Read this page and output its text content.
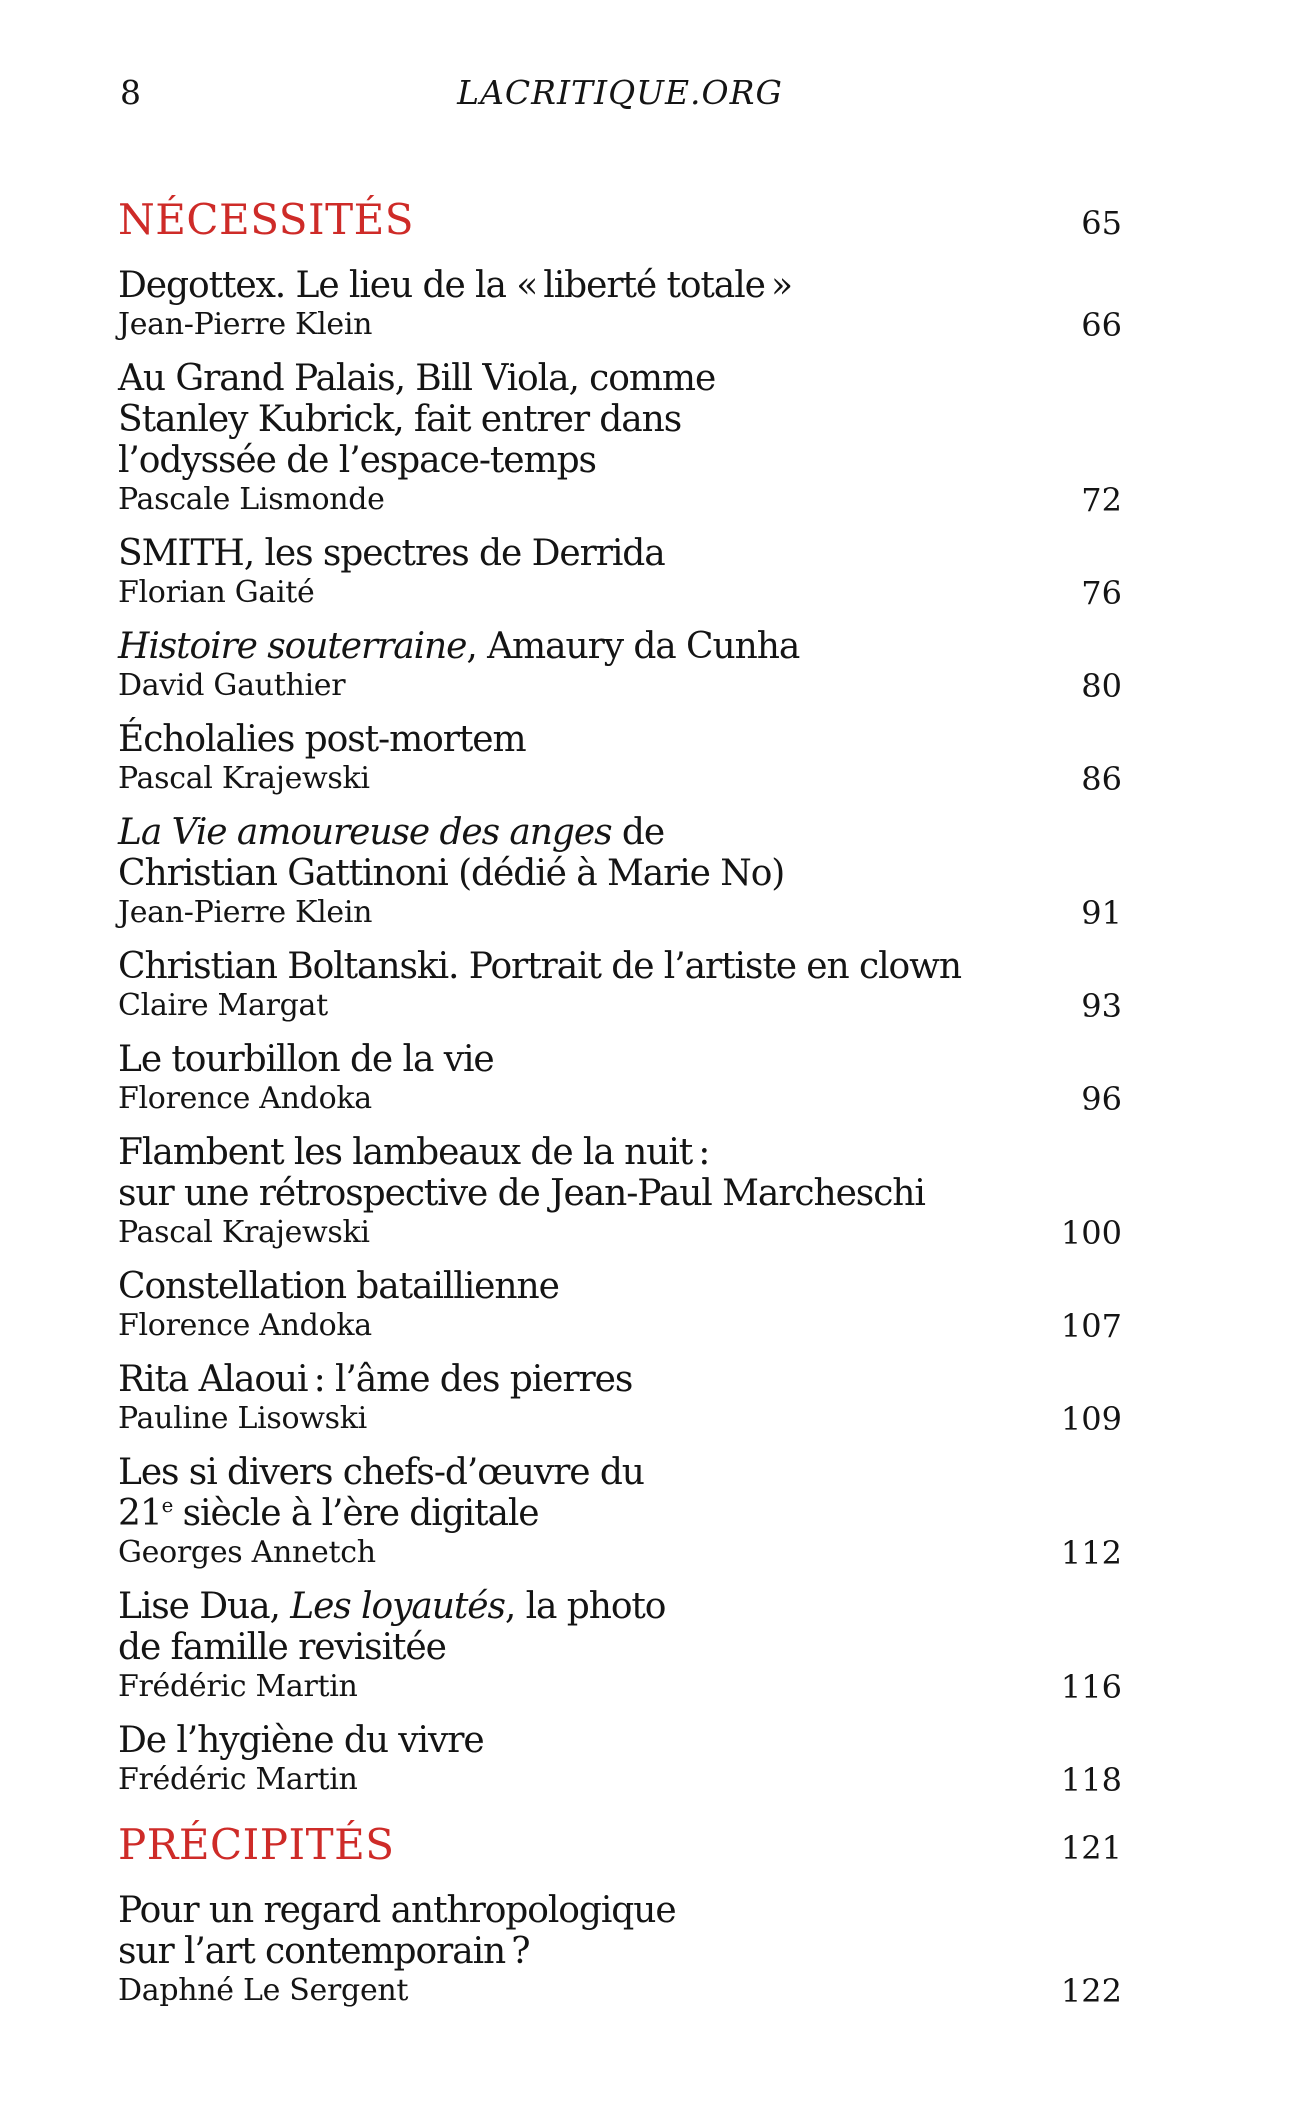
8	LACRITIQUE.ORG
NÉCESSITÉS	65
Degottex. Le lieu de la « liberté totale »
Jean-Pierre Klein	66
Au Grand Palais, Bill Viola, comme
Stanley Kubrick, fait entrer dans
l’odyssée de l’espace-temps
Pascale Lismonde	72
SMITH, les spectres de Derrida
Florian Gaité	76
Histoire souterraine, Amaury da Cunha
David Gauthier	80
Écholalies post-mortem
Pascal Krajewski	86
La Vie amoureuse des anges de
Christian Gattinoni (dédié à Marie No)
Jean-Pierre Klein	91
Christian Boltanski. Portrait de l’artiste en clown
Claire Margat	93
Le tourbillon de la vie
Florence Andoka	96
Flambent les lambeaux de la nuit :
sur une rétrospective de Jean-Paul Marcheschi
Pascal Krajewski	100
Constellation bataillienne
Florence Andoka	107
Rita Alaoui : l’âme des pierres
Pauline Lisowski	109
Les si divers chefs-d’œuvre du
21e siècle à l’ère digitale
Georges Annetch	112
Lise Dua, Les loyautés, la photo
de famille revisitée
Frédéric Martin	116
De l’hygiène du vivre
Frédéric Martin	118
PRÉCIPITÉS	121
Pour un regard anthropologique
sur l’art contemporain ?
Daphné Le Sergent	122
